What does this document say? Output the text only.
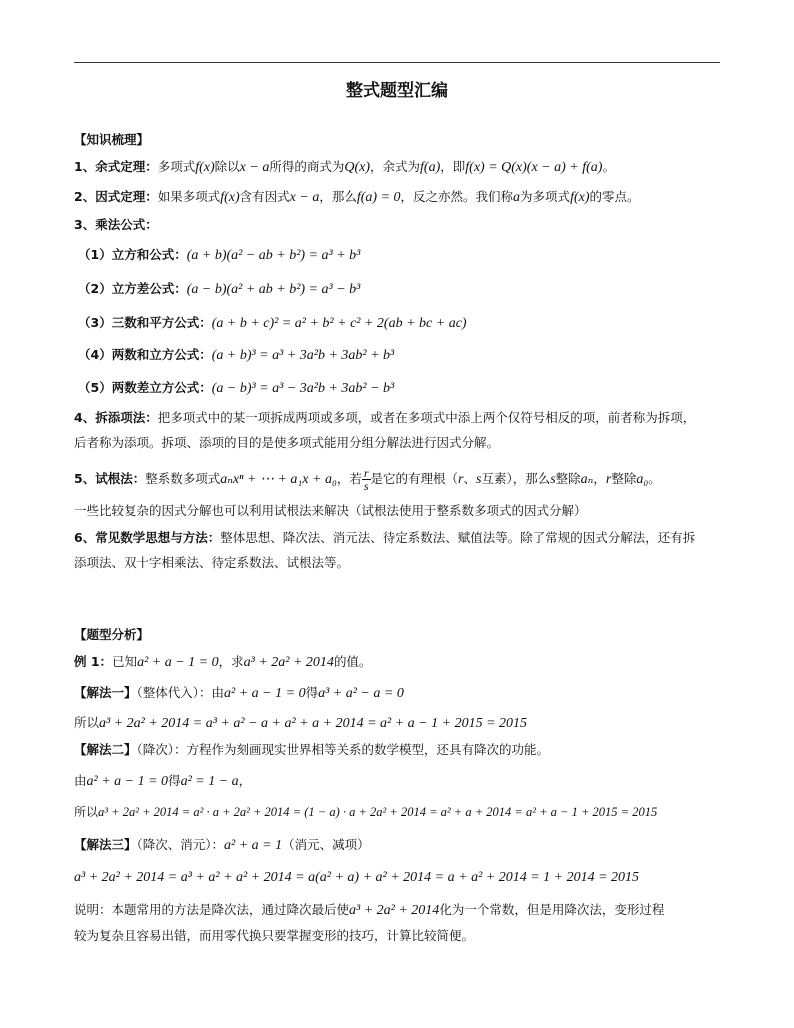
整式题型汇编
【知识梳理】
1、余式定理：多项式f(x)除以x − a所得的商式为Q(x)，余式为f(a)，即f(x) = Q(x)(x − a) + f(a)。
2、因式定理：如果多项式f(x)含有因式x − a，那么f(a) = 0，反之亦然。我们称a为多项式f(x)的零点。
3、乘法公式：
（1）立方和公式：(a + b)(a² − ab + b²) = a³ + b³
（2）立方差公式：(a − b)(a² + ab + b²) = a³ − b³
（3）三数和平方公式：(a + b + c)² = a² + b² + c² + 2(ab + bc + ac)
（4）两数和立方公式：(a + b)³ = a³ + 3a²b + 3ab² + b³
（5）两数差立方公式：(a − b)³ = a³ − 3a²b + 3ab² − b³
4、拆添项法：把多项式中的某一项拆成两项或多项，或者在多项式中添上两个仅符号相反的项，前者称为拆项，
后者称为添项。拆项、添项的目的是使多项式能用分组分解法进行因式分解。
5、试根法：整系数多项式aₙxⁿ + ⋯ + a₁x + a₀，若 $\frac{r}{s}$ 是它的有理根（r、s互素），那么s整除aₙ，r整除a₀。
一些比较复杂的因式分解也可以利用试根法来解决（试根法使用于整系数多项式的因式分解）
6、常见数学思想与方法：整体思想、降次法、消元法、待定系数法、赋值法等。除了常规的因式分解法，还有拆
添项法、双十字相乘法、待定系数法、试根法等。
【题型分析】
例 1：已知a² + a − 1 = 0，求a³ + 2a² + 2014的值。
【解法一】（整体代入）：由a² + a − 1 = 0得a³ + a² − a = 0
所以a³ + 2a² + 2014 = a³ + a² − a + a² + a + 2014 = a² + a − 1 + 2015 = 2015
【解法二】（降次）：方程作为刻画现实世界相等关系的数学模型，还具有降次的功能。
由a² + a − 1 = 0得a² = 1 − a，
所以a³ + 2a² + 2014 = a² · a + 2a² + 2014 = (1 − a) · a + 2a² + 2014 = a² + a + 2014 = a² + a − 1 + 2015 = 2015
【解法三】（降次、消元）：a² + a = 1（消元、减项）
a³ + 2a² + 2014 = a³ + a² + a² + 2014 = a(a² + a) + a² + 2014 = a + a² + 2014 = 1 + 2014 = 2015
说明：本题常用的方法是降次法，通过降次最后使a³ + 2a² + 2014化为一个常数，但是用降次法，变形过程
较为复杂且容易出错，而用零代换只要掌握变形的技巧，计算比较简便。
